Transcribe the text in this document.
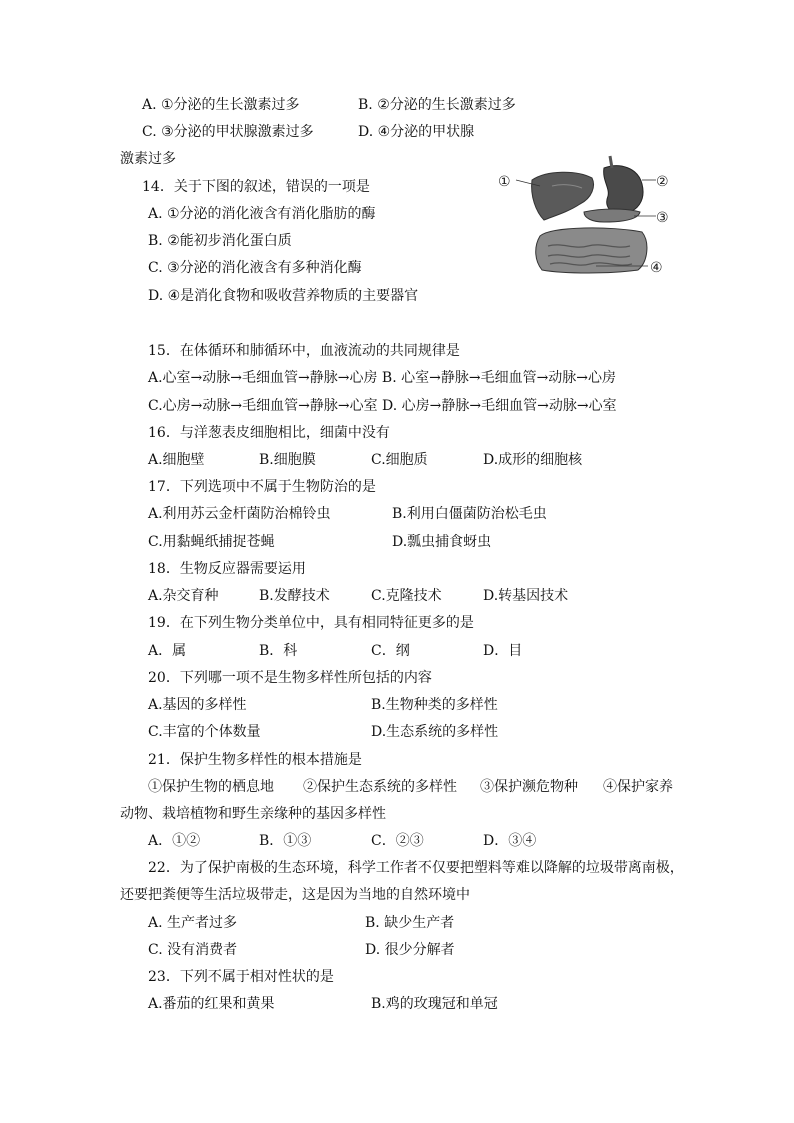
A. ①分泌的生长激素过多	B. ②分泌的生长激素过多
C. ③分泌的甲状腺激素过多	D. ④分泌的甲状腺
激素过多
14．关于下图的叙述，错误的一项是
A. ①分泌的消化液含有消化脂肪的酶
B. ②能初步消化蛋白质
C. ③分泌的消化液含有多种消化酶
D. ④是消化食物和吸收营养物质的主要器官
①	②
③
④
15．在体循环和肺循环中，血液流动的共同规律是
A.心室→动脉→毛细血管→静脉→心房 B. 心室→静脉→毛细血管→动脉→心房
C.心房→动脉→毛细血管→静脉→心室 D. 心房→静脉→毛细血管→动脉→心室
16．与洋葱表皮细胞相比，细菌中没有
A.细胞壁	B.细胞膜	C.细胞质	D.成形的细胞核
17．下列选项中不属于生物防治的是
A.利用苏云金杆菌防治棉铃虫	B.利用白僵菌防治松毛虫
C.用黏蝇纸捕捉苍蝇	D.瓢虫捕食蚜虫
18．生物反应器需要运用
A.杂交育种	B.发酵技术	C.克隆技术	D.转基因技术
19．在下列生物分类单位中，具有相同特征更多的是
A．属	B．科	C．纲	D．目
20．下列哪一项不是生物多样性所包括的内容
A.基因的多样性	B.生物种类的多样性
C.丰富的个体数量	D.生态系统的多样性
21．保护生物多样性的根本措施是
①保护生物的栖息地 ②保护生态系统的多样性 ③保护濒危物种 ④保护家养
动物、栽培植物和野生亲缘种的基因多样性
A．①②	B．①③	C．②③	D．③④
22．为了保护南极的生态环境，科学工作者不仅要把塑料等难以降解的垃圾带离南极，
还要把粪便等生活垃圾带走，这是因为当地的自然环境中
A. 生产者过多	B. 缺少生产者
C. 没有消费者	D. 很少分解者
23．下列不属于相对性状的是
A.番茄的红果和黄果	B.鸡的玫瑰冠和单冠
